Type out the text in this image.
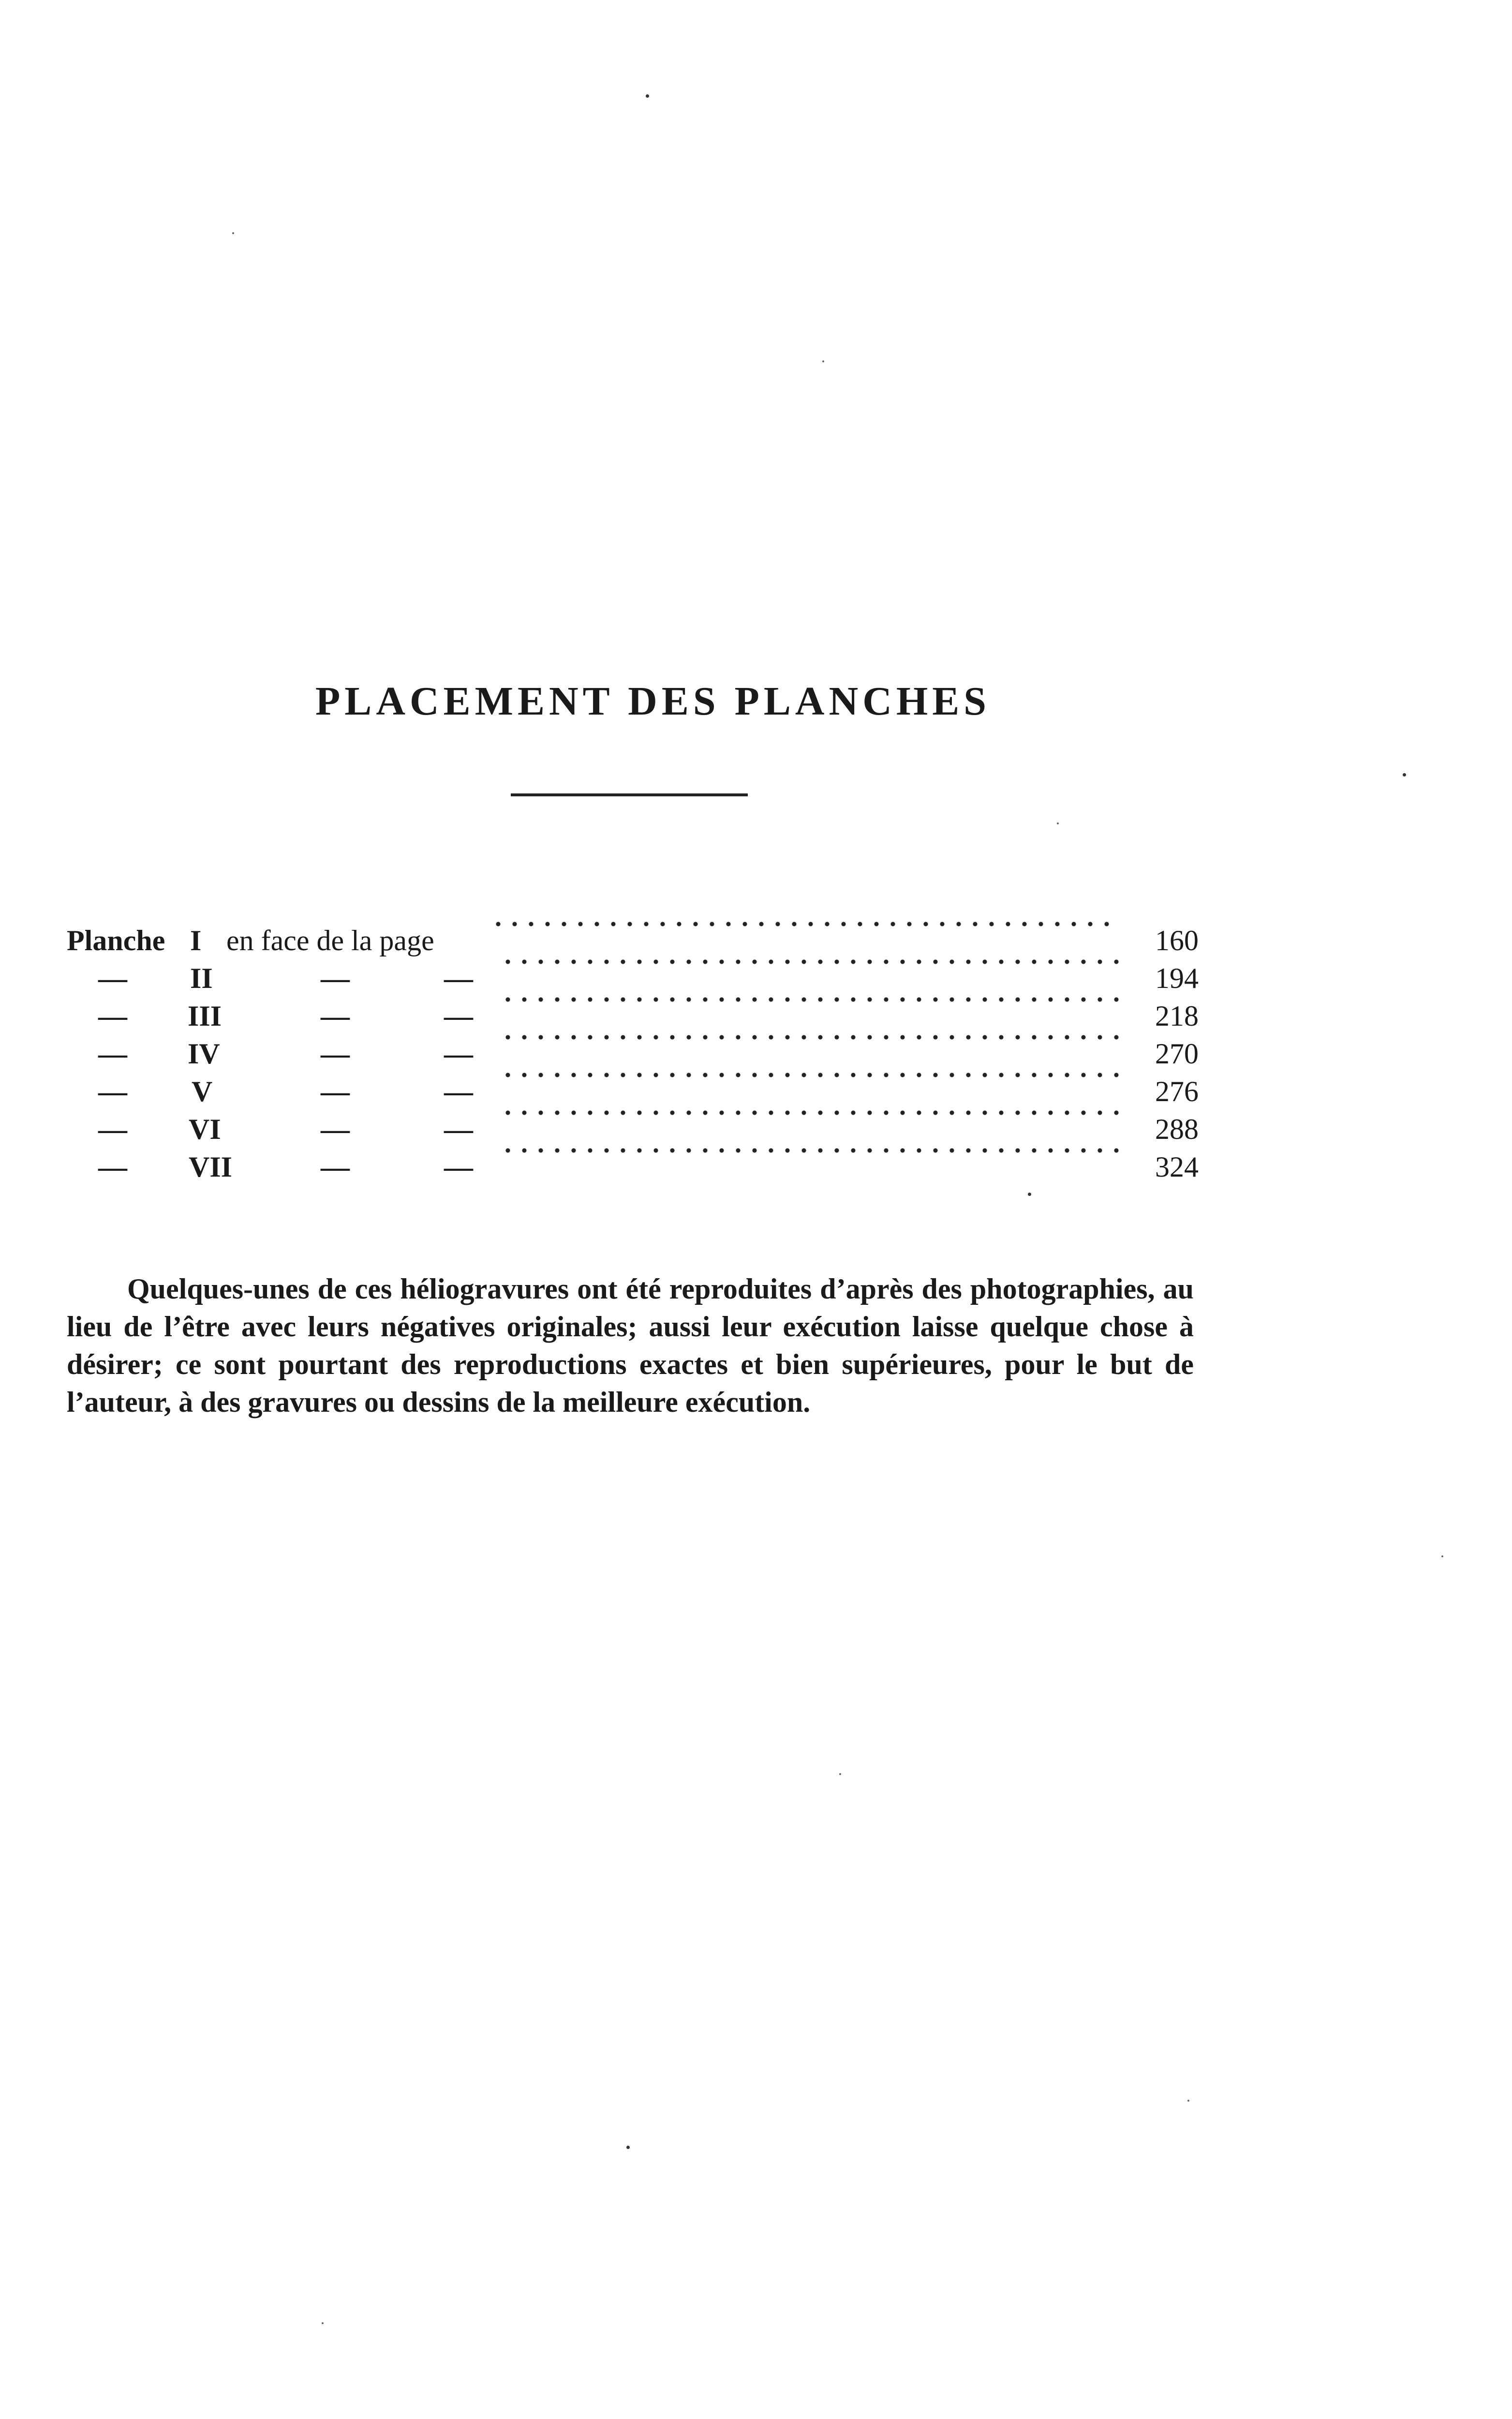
PLACEMENT DES PLANCHES
Planche I en face de la page	160
— II	—	—	194
— III	—	—	218
— IV	—	—	270
— V	—	—	276
— VI	—	—	288
— VII	—	—	324

Quelques-unes de ces héliogravures ont été reproduites d’après des photographies, au lieu de l’être avec leurs négatives originales; aussi leur exécution laisse quelque chose à désirer; ce sont pourtant des reproductions exactes et bien supérieures, pour le but de l’auteur, à des gravures ou dessins de la meilleure exécution.
